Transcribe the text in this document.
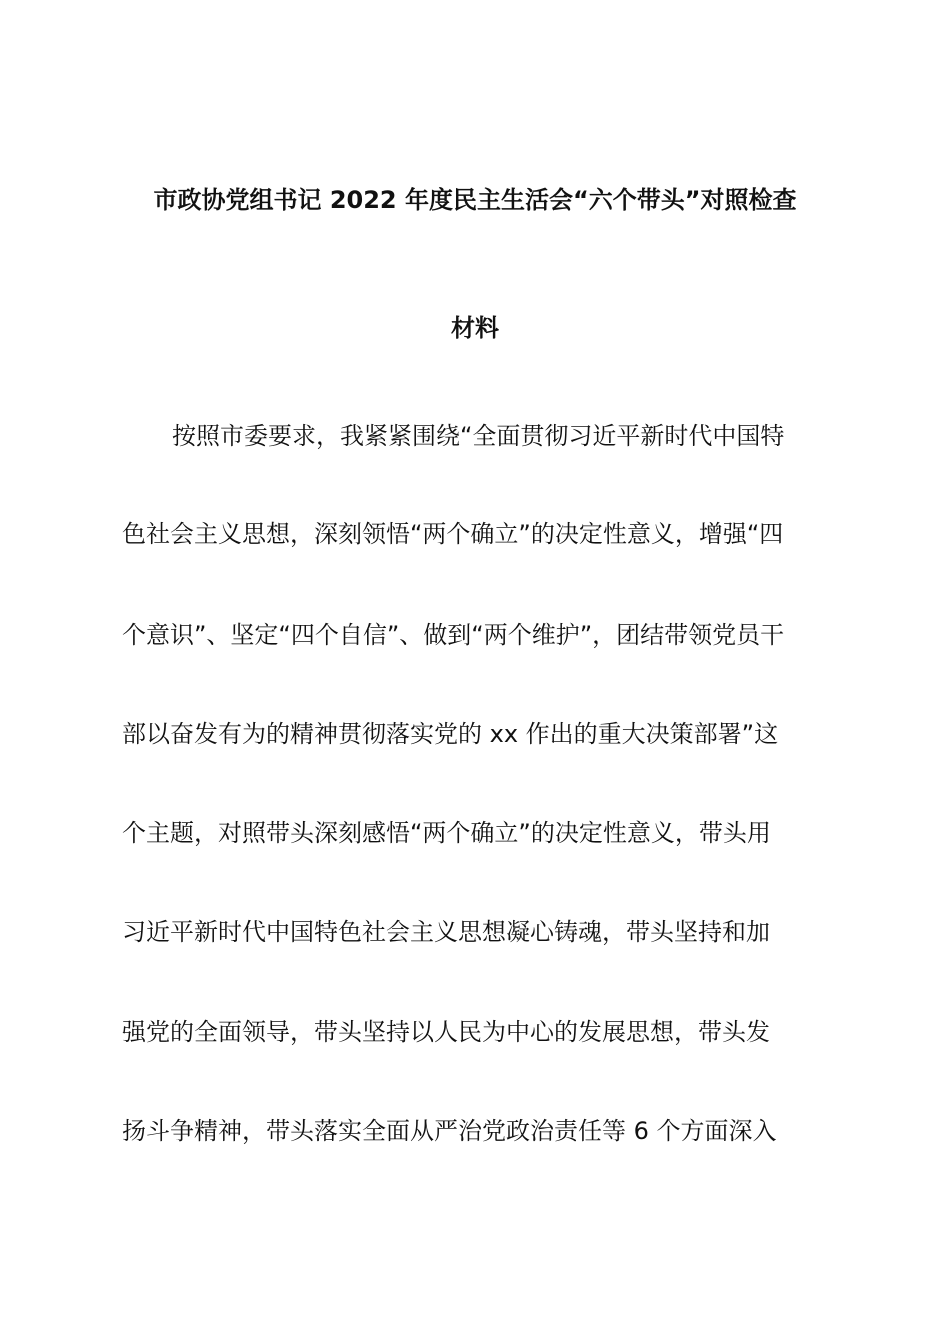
市政协党组书记 2022 年度民主生活会“六个带头”对照检查
材料
按照市委要求，我紧紧围绕“全面贯彻习近平新时代中国特
色社会主义思想，深刻领悟“两个确立”的决定性意义，增强“四
个意识”、坚定“四个自信”、做到“两个维护”，团结带领党员干
部以奋发有为的精神贯彻落实党的 xx 作出的重大决策部署”这
个主题，对照带头深刻感悟“两个确立”的决定性意义，带头用
习近平新时代中国特色社会主义思想凝心铸魂，带头坚持和加
强党的全面领导，带头坚持以人民为中心的发展思想，带头发
扬斗争精神，带头落实全面从严治党政治责任等 6 个方面深入
